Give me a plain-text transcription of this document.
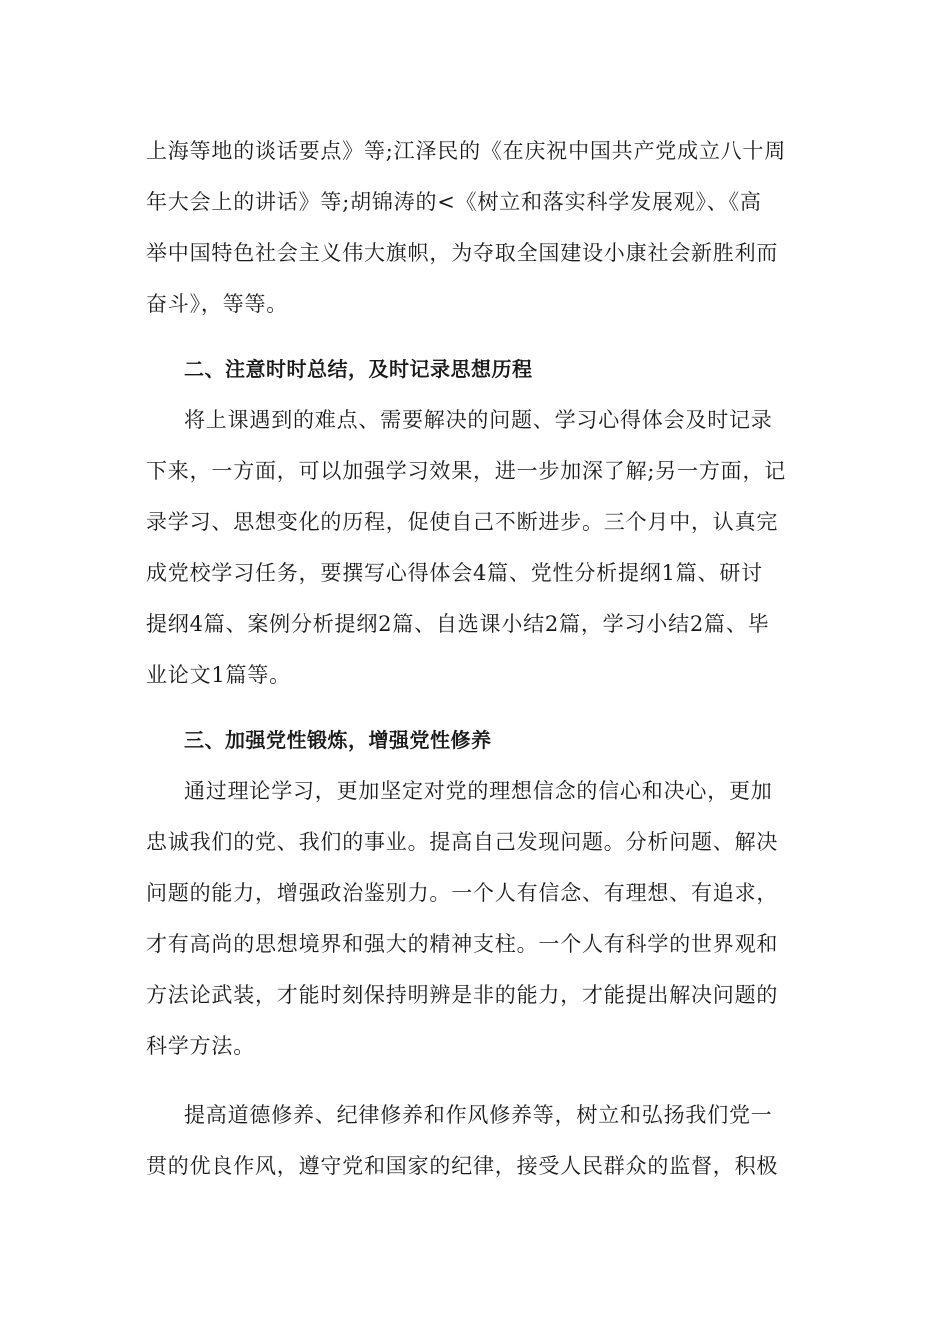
上海等地的谈话要点》等;江泽民的《在庆祝中国共产党成立八十周
年大会上的讲话》等;胡锦涛的<《树立和落实科学发展观》、《高
举中国特色社会主义伟大旗帜，为夺取全国建设小康社会新胜利而
奋斗》，等等。
二、注意时时总结，及时记录思想历程
将上课遇到的难点、需要解决的问题、学习心得体会及时记录
下来，一方面，可以加强学习效果，进一步加深了解;另一方面，记
录学习、思想变化的历程，促使自己不断进步。三个月中，认真完
成党校学习任务，要撰写心得体会4篇、党性分析提纲1篇、研讨
提纲4篇、案例分析提纲2篇、自选课小结2篇，学习小结2篇、毕
业论文1篇等。
三、加强党性锻炼，增强党性修养
通过理论学习，更加坚定对党的理想信念的信心和决心，更加
忠诚我们的党、我们的事业。提高自己发现问题。分析问题、解决
问题的能力，增强政治鉴别力。一个人有信念、有理想、有追求，
才有高尚的思想境界和强大的精神支柱。一个人有科学的世界观和
方法论武装，才能时刻保持明辨是非的能力，才能提出解决问题的
科学方法。
提高道德修养、纪律修养和作风修养等，树立和弘扬我们党一
贯的优良作风，遵守党和国家的纪律，接受人民群众的监督，积极
